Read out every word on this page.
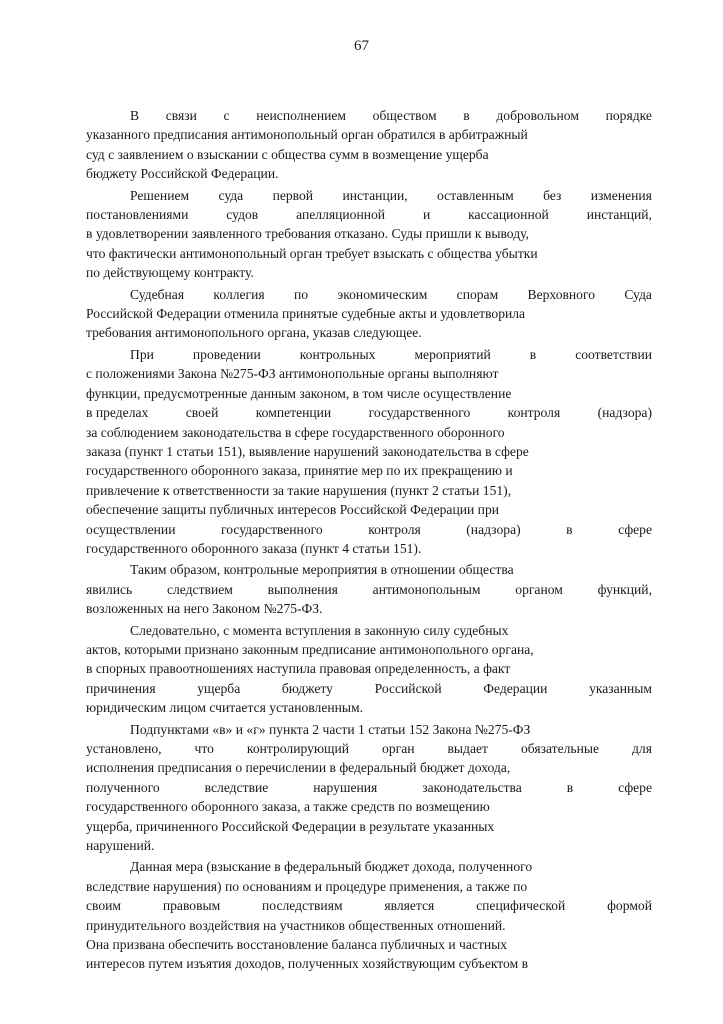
67
В связи с неисполнением обществом в добровольном порядке
указанного предписания антимонопольный орган обратился в арбитражный
суд с заявлением о взыскании с общества сумм в возмещение ущерба
бюджету Российской Федерации.
Решением суда первой инстанции, оставленным без изменения
постановлениями	судов	апелляционной	и	кассационной	инстанций,
в удовлетворении заявленного требования отказано. Суды пришли к выводу,
что фактически антимонопольный орган требует взыскать с общества убытки
по действующему контракту.
Судебная коллегия по экономическим спорам Верховного Суда
Российской Федерации отменила принятые судебные акты и удовлетворила
требования антимонопольного органа, указав следующее.
При	проведении	контрольных	мероприятий	в	соответствии
с положениями Закона №275-ФЗ антимонопольные органы выполняют
функции, предусмотренные данным законом, в том числе осуществление
в пределах	своей	компетенции	государственного	контроля	(надзора)
за соблюдением законодательства в сфере государственного оборонного
заказа (пункт 1 статьи 151), выявление нарушений законодательства в сфере
государственного оборонного заказа, принятие мер по их прекращению и
привлечение к ответственности за такие нарушения (пункт 2 статьи 151),
обеспечение защиты публичных интересов Российской Федерации при
осуществлении	государственного	контроля	(надзора)	в	сфере
государственного оборонного заказа (пункт 4 статьи 151).
Таким образом, контрольные мероприятия в отношении общества
явились	следствием	выполнения	антимонопольным	органом	функций,
возложенных на него Законом №275-ФЗ.
Следовательно, с момента вступления в законную силу судебных
актов, которыми признано законным предписание антимонопольного органа,
в спорных правоотношениях наступила правовая определенность, а факт
причинения	ущерба	бюджету	Российской	Федерации	указанным
юридическим лицом считается установленным.
Подпунктами «в» и «г» пункта 2 части 1 статьи 152 Закона №275-ФЗ
установлено, что контролирующий орган выдает обязательные для
исполнения предписания о перечислении в федеральный бюджет дохода,
полученного	вследствие	нарушения	законодательства	в	сфере
государственного оборонного заказа, а также средств по возмещению
ущерба, причиненного Российской Федерации в результате указанных
нарушений.
Данная мера (взыскание в федеральный бюджет дохода, полученного
вследствие нарушения) по основаниям и процедуре применения, а также по
своим	правовым	последствиям	является	специфической	формой
принудительного воздействия на участников общественных отношений.
Она призвана обеспечить восстановление баланса публичных и частных
интересов путем изъятия доходов, полученных хозяйствующим субъектом в
